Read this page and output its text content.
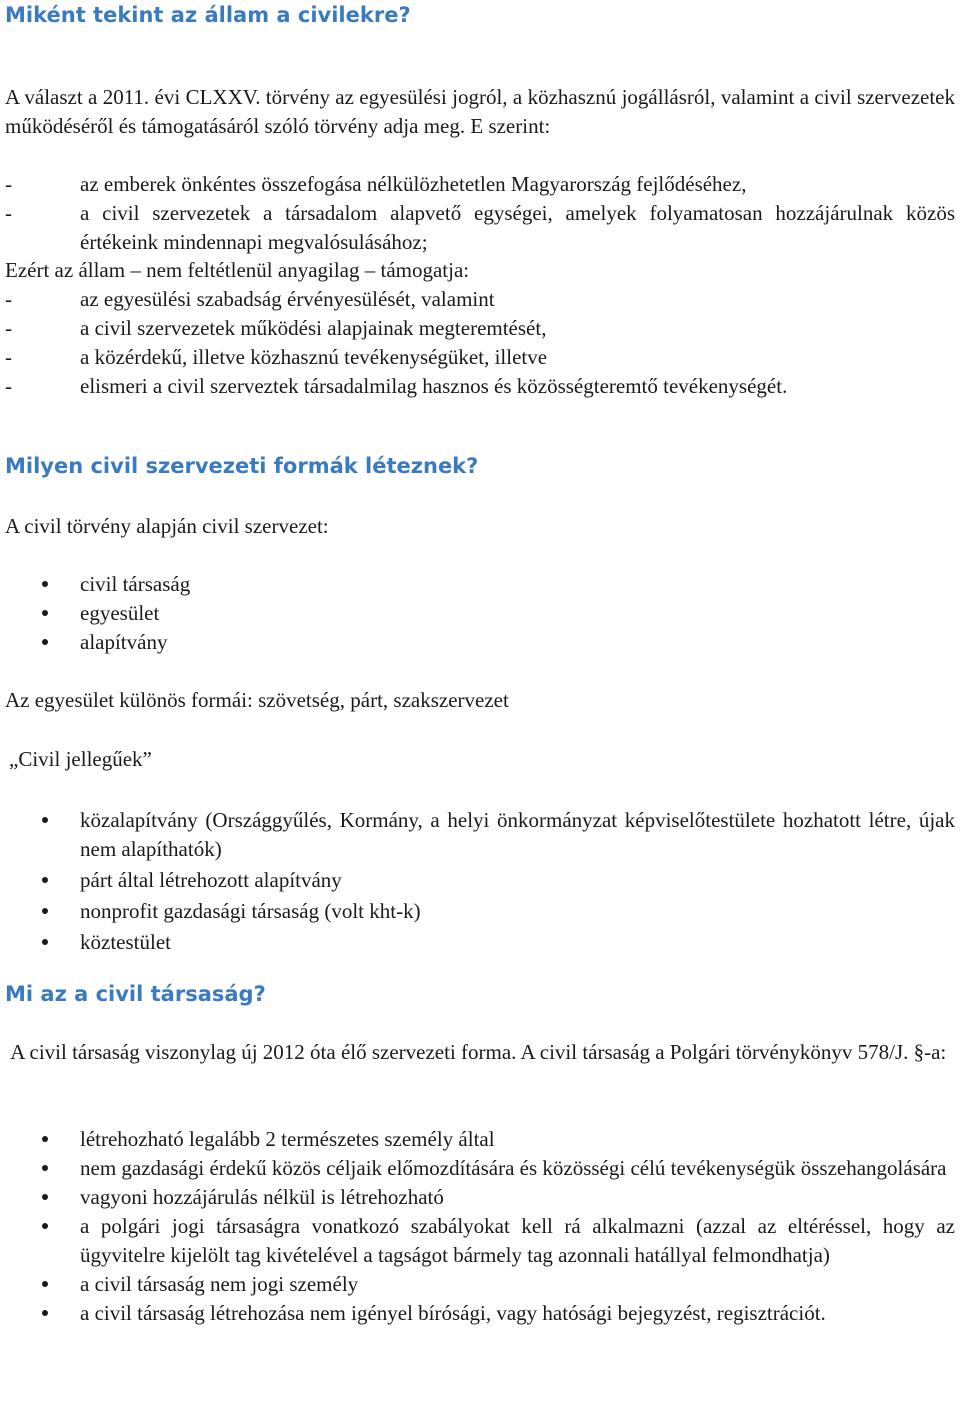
Miként tekint az állam a civilekre?

A választ a 2011. évi CLXXV. törvény az egyesülési jogról, a közhasznú jogállásról, valamint a civil szervezetek működéséről és támogatásáról szóló törvény adja meg. E szerint:

-	az emberek önkéntes összefogása nélkülözhetetlen Magyarország fejlődéséhez,
-	a civil szervezetek a társadalom alapvető egységei, amelyek folyamatosan hozzájárulnak közös értékeink mindennapi megvalósulásához;

Ezért az állam – nem feltétlenül anyagilag – támogatja:

-	az egyesülési szabadság érvényesülését, valamint
-	a civil szervezetek működési alapjainak megteremtését,
-	a közérdekű, illetve közhasznú tevékenységüket, illetve
-	elismeri a civil szerveztek társadalmilag hasznos és közösségteremtő tevékenységét.
Milyen civil szervezeti formák léteznek?

A civil törvény alapján civil szervezet:

civil társaság
egyesület
alapítvány

Az egyesület különös formái: szövetség, párt, szakszervezet

„Civil jellegűek”

közalapítvány (Országgyűlés, Kormány, a helyi önkormányzat képviselőtestülete hozhatott létre, újak nem alapíthatók)
párt által létrehozott alapítvány
nonprofit gazdasági társaság (volt kht-k)
köztestület
Mi az a civil társaság?

A civil társaság viszonylag új 2012 óta élő szervezeti forma. A civil társaság a Polgári törvénykönyv 578/J. §-a:

létrehozható legalább 2 természetes személy által
nem gazdasági érdekű közös céljaik előmozdítására és közösségi célú tevékenységük összehangolására
vagyoni hozzájárulás nélkül is létrehozható
a polgári jogi társaságra vonatkozó szabályokat kell rá alkalmazni (azzal az eltéréssel, hogy az ügyvitelre kijelölt tag kivételével a tagságot bármely tag azonnali hatállyal felmondhatja)
a civil társaság nem jogi személy
a civil társaság létrehozása nem igényel bírósági, vagy hatósági bejegyzést, regisztrációt.
